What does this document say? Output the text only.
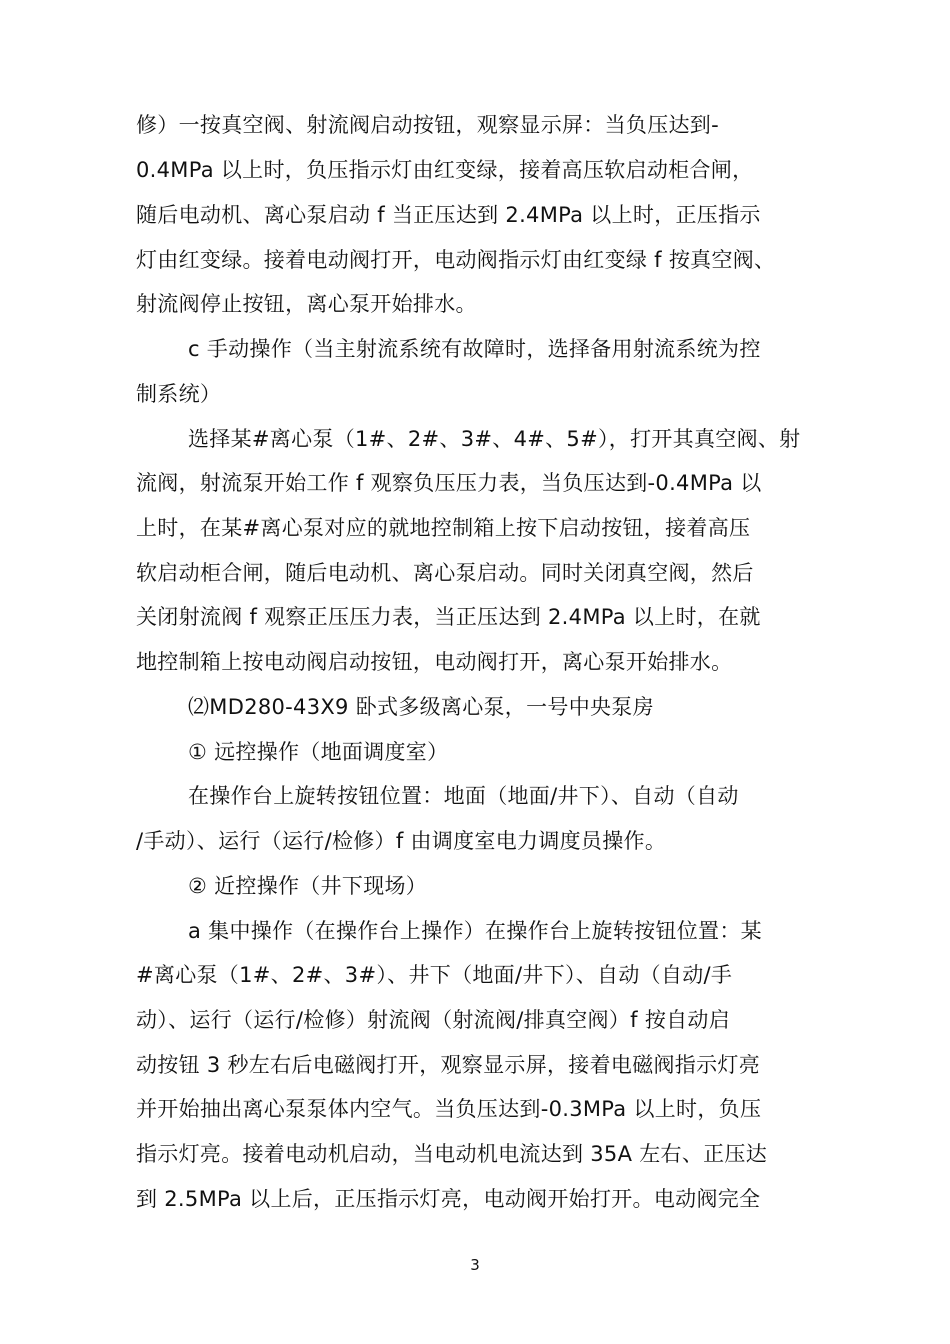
修）一按真空阀、射流阀启动按钮，观察显示屏：当负压达到-
0.4MPa 以上时，负压指示灯由红变绿，接着高压软启动柜合闸，
随后电动机、离心泵启动 f 当正压达到 2.4MPa 以上时，正压指示
灯由红变绿。接着电动阀打开，电动阀指示灯由红变绿 f 按真空阀、
射流阀停止按钮，离心泵开始排水。
c 手动操作（当主射流系统有故障时，选择备用射流系统为控
制系统）
选择某#离心泵（1#、2#、3#、4#、5#），打开其真空阀、射
流阀，射流泵开始工作 f 观察负压压力表，当负压达到-0.4MPa 以
上时，在某#离心泵对应的就地控制箱上按下启动按钮，接着高压
软启动柜合闸，随后电动机、离心泵启动。同时关闭真空阀，然后
关闭射流阀 f 观察正压压力表，当正压达到 2.4MPa 以上时，在就
地控制箱上按电动阀启动按钮，电动阀打开，离心泵开始排水。
⑵MD280-43X9 卧式多级离心泵，一号中央泵房
① 远控操作（地面调度室）
在操作台上旋转按钮位置：地面（地面/井下）、自动（自动
/手动）、运行（运行/检修）f 由调度室电力调度员操作。
② 近控操作（井下现场）
a 集中操作（在操作台上操作）在操作台上旋转按钮位置：某
#离心泵（1#、2#、3#）、井下（地面/井下）、自动（自动/手
动）、运行（运行/检修）射流阀（射流阀/排真空阀）f 按自动启
动按钮 3 秒左右后电磁阀打开，观察显示屏，接着电磁阀指示灯亮
并开始抽出离心泵泵体内空气。当负压达到-0.3MPa 以上时，负压
指示灯亮。接着电动机启动，当电动机电流达到 35A 左右、正压达
到 2.5MPa 以上后，正压指示灯亮，电动阀开始打开。电动阀完全
3
